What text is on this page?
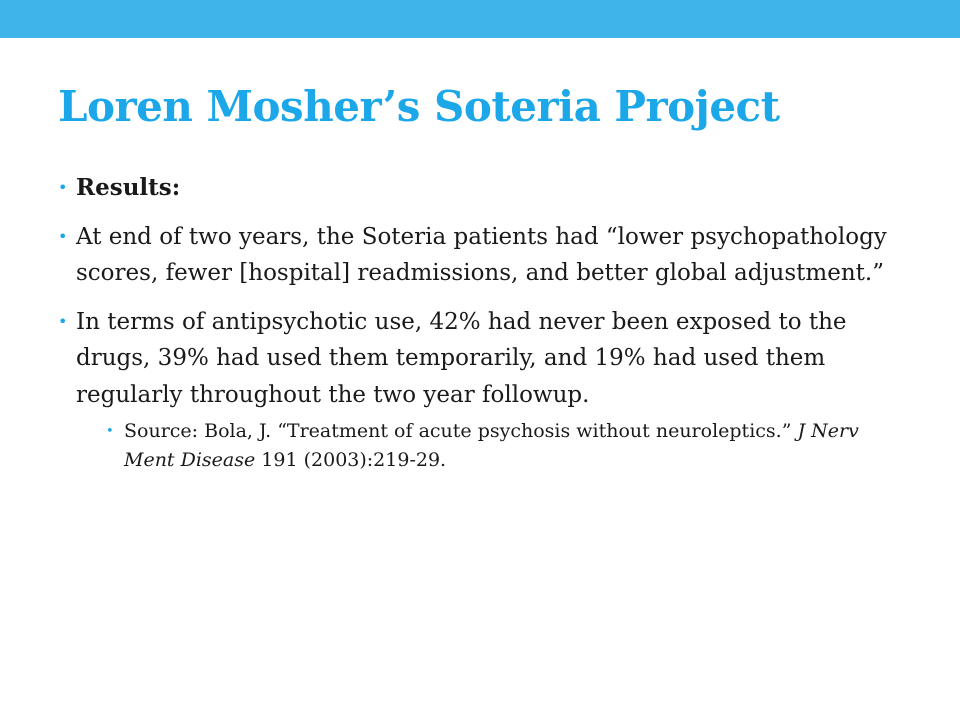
Loren Mosher’s Soteria Project
• Results:
• At end of two years, the Soteria patients had “lower psychopathology scores, fewer [hospital] readmissions, and better global adjustment.”
• In terms of antipsychotic use, 42% had never been exposed to the drugs, 39% had used them temporarily, and 19% had used them regularly throughout the two year followup.
• Source: Bola, J. “Treatment of acute psychosis without neuroleptics.” J Nerv Ment Disease 191 (2003):219-29.
